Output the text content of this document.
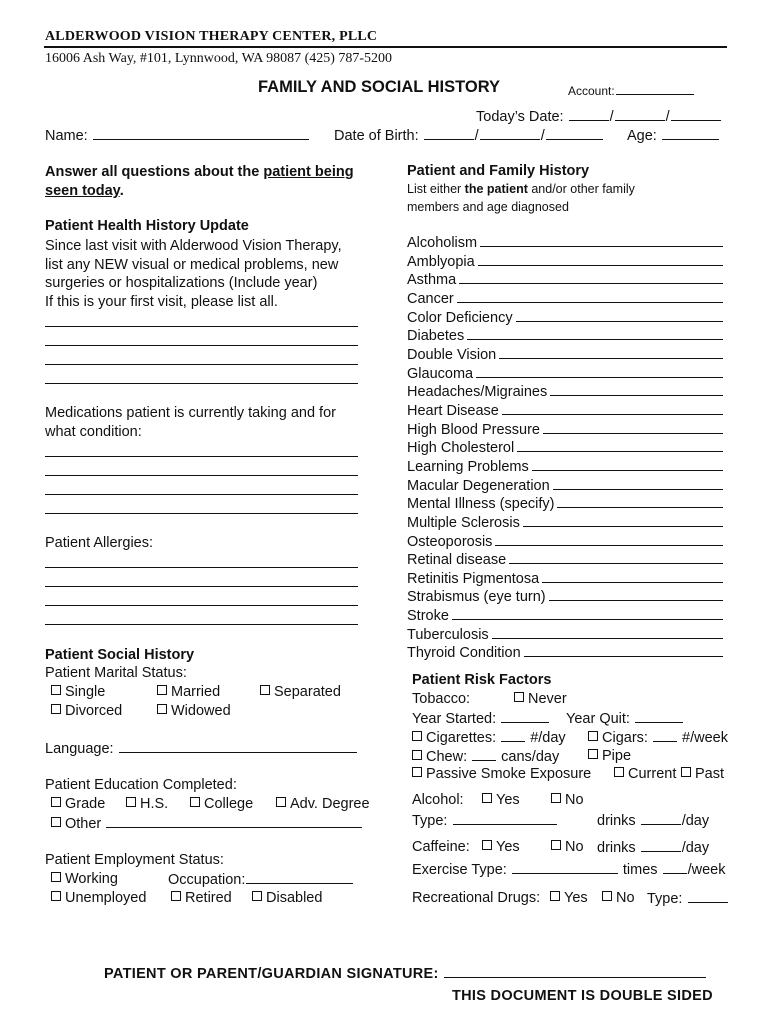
ALDERWOOD VISION THERAPY CENTER, PLLC
16006 Ash Way, #101, Lynnwood, WA 98087 (425) 787-5200
FAMILY AND SOCIAL HISTORY	Account:
Today’s Date:	/	/
Name:	Date of Birth:	/	/	Age:
Answer all questions about the patient being seen today.
Patient Health History Update
Since last visit with Alderwood Vision Therapy,
list any NEW visual or medical problems, new
surgeries or hospitalizations (Include year)
If this is your first visit, please list all.
Medications patient is currently taking and for
what condition:
Patient Allergies:
Patient Social History
Patient Marital Status:
Single	Married	Separated
Divorced	Widowed
Language:
Patient Education Completed:
Grade	H.S.	College	Adv. Degree
Other
Patient Employment Status:
Working	Occupation:
Unemployed	Retired	Disabled
Patient and Family History
List either the patient and/or other family
members and age diagnosed
Alcoholism
Amblyopia
Asthma
Cancer
Color Deficiency
Diabetes
Double Vision
Glaucoma
Headaches/Migraines
Heart Disease
High Blood Pressure
High Cholesterol
Learning Problems
Macular Degeneration
Mental Illness (specify)
Multiple Sclerosis
Osteoporosis
Retinal disease
Retinitis Pigmentosa
Strabismus (eye turn)
Stroke
Tuberculosis
Thyroid Condition
Patient Risk Factors
Tobacco:	Never
Year Started:	Year Quit:
Cigarettes: #/day	Cigars: #/week
Chew: cans/day	Pipe
Passive Smoke Exposure	Current	Past
Alcohol:	Yes	No
Type:	drinks	/day
Caffeine:	Yes	No drinks	/day
Exercise Type:	times /week
Recreational Drugs:	Yes	No Type:
PATIENT OR PARENT/GUARDIAN SIGNATURE:
THIS DOCUMENT IS DOUBLE SIDED
